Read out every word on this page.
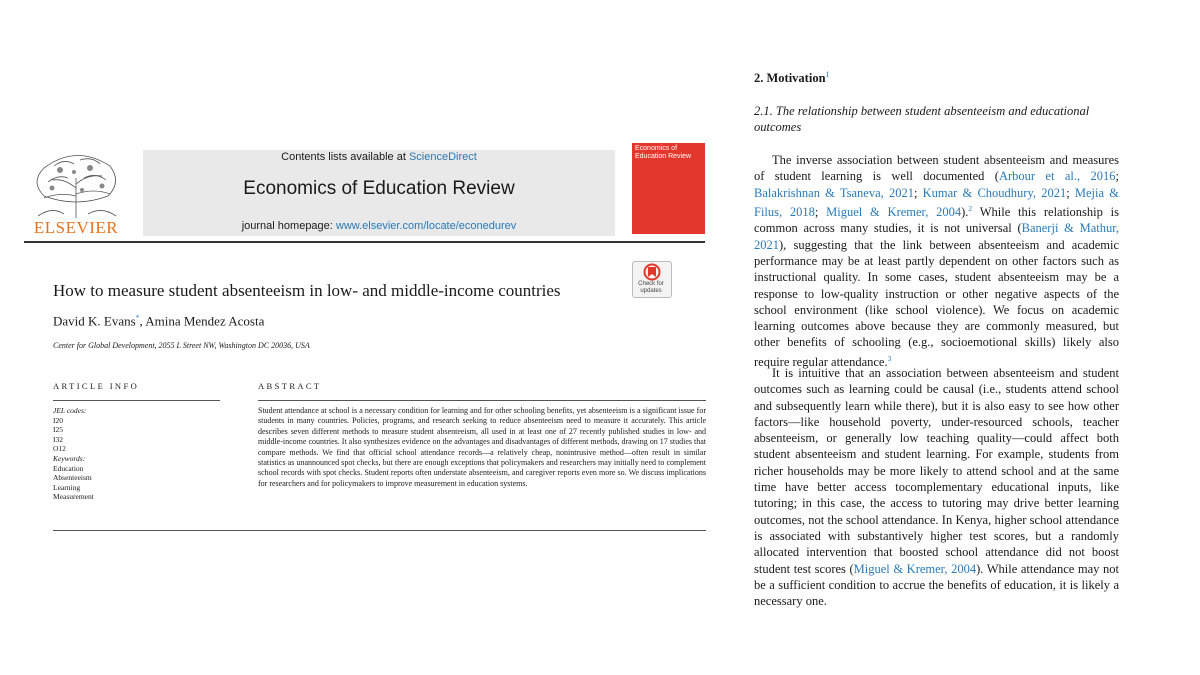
ELSEVIER
Contents lists available at ScienceDirect
Economics of Education Review
journal homepage: www.elsevier.com/locate/econedurev
Economics of Education Review
Check for updates
How to measure student absenteeism in low- and middle-income countries
David K. Evans*, Amina Mendez Acosta
Center for Global Development, 2055 L Street NW, Washington DC 20036, USA
ARTICLE INFO	ABSTRACT
JEL codes:
I20
I25
I32
O12
Keywords:
Education
Absenteeism
Learning
Measurement
Student attendance at school is a necessary condition for learning and for other schooling benefits, yet absenteeism is a significant issue for students in many countries. Policies, programs, and research seeking to reduce absenteeism need to measure it accurately. This article describes seven different methods to measure student absenteeism, all used in at least one of 27 recently published studies in low- and middle-income countries. It also synthesizes evidence on the advantages and disadvantages of different methods, drawing on 17 studies that compare methods. We find that official school attendance records—a relatively cheap, nonintrusive method—often result in similar statistics as unannounced spot checks, but there are enough exceptions that policymakers and researchers may initially need to complement school records with spot checks. Student reports often understate absenteeism, and caregiver reports even more so. We discuss implications for researchers and for policymakers to improve measurement in education systems.
2. Motivation$^1$
2.1. The relationship between student absenteeism and educational outcomes
The inverse association between student absenteeism and measures of student learning is well documented (Arbour et al., 2016; Balakrishnan & Tsaneva, 2021; Kumar & Choudhury, 2021; Mejia & Filus, 2018; Miguel & Kremer, 2004).$^2$ While this relationship is common across many studies, it is not universal (Banerji & Mathur, 2021), suggesting that the link between absenteeism and academic performance may be at least partly dependent on other factors such as instructional quality. In some cases, student absenteeism may be a response to low-quality instruction or other negative aspects of the school environment (like school violence). We focus on academic learning outcomes above because they are commonly measured, but other benefits of schooling (e.g., socioemotional skills) likely also require regular attendance.$^3$
It is intuitive that an association between absenteeism and student outcomes such as learning could be causal (i.e., students attend school and subsequently learn while there), but it is also easy to see how other factors—like household poverty, under-resourced schools, teacher absenteeism, or generally low teaching quality—could affect both student absenteeism and student learning. For example, students from richer households may be more likely to attend school and at the same time have better access tocomplementary educational inputs, like tutoring; in this case, the access to tutoring may drive better learning outcomes, not the school attendance. In Kenya, higher school attendance is associated with substantively higher test scores, but a randomly allocated intervention that boosted school attendance did not boost student test scores (Miguel & Kremer, 2004). While attendance may not be a sufficient condition to accrue the benefits of education, it is likely a necessary one.
